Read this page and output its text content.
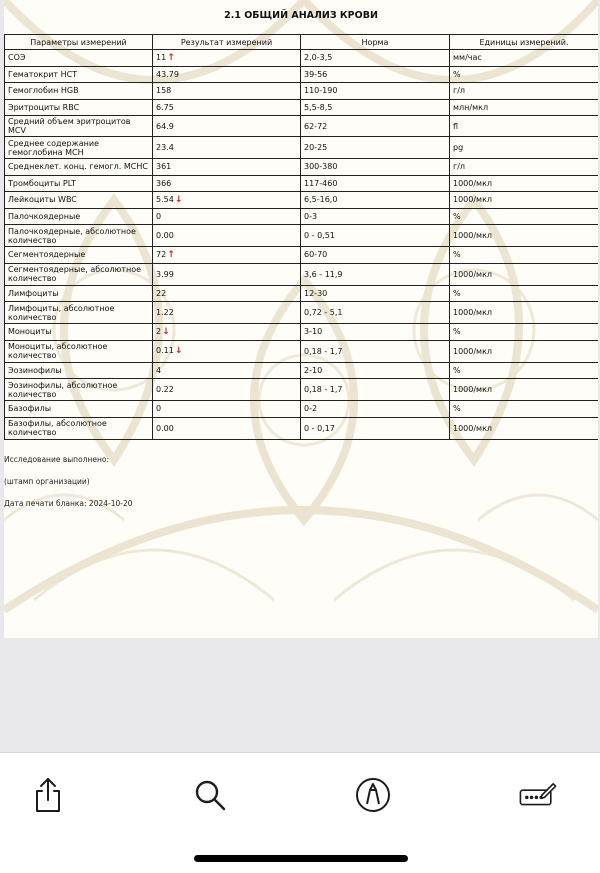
2.1 ОБЩИЙ АНАЛИЗ КРОВИ
Параметры измерений	Результат измерений	Норма	Единицы измерений.
СОЭ	11↑	2,0-3,5	мм/час
Гематокрит HCT	43.79	39-56	%
Гемоглобин HGB	158	110-190	г/л
Эритроциты RBC	6.75	5,5-8,5	млн/мкл
Средний объем эритроцитов MCV	64.9	62-72	fl
Среднее содержание гемоглобина MCH	23.4	20-25	pg
Среднеклет. конц. гемогл. MCHC	361	300-380	г/л
Тромбоциты PLT	366	117-460	1000/мкл
Лейкоциты WBC	5.54↓	6,5-16,0	1000/мкл
Палочкоядерные	0	0-3	%
Палочкоядерные, абсолютное количество	0.00	0 - 0,51	1000/мкл
Сегментоядерные	72↑	60-70	%
Сегментоядерные, абсолютное количество	3.99	3,6 - 11,9	1000/мкл
Лимфоциты	22	12-30	%
Лимфоциты, абсолютное количество	1.22	0,72 - 5,1	1000/мкл
Моноциты	2↓	3-10	%
Моноциты, абсолютное количество	0.11↓	0,18 - 1,7	1000/мкл
Эозинофилы	4	2-10	%
Эозинофилы, абсолютное количество	0.22	0,18 - 1,7	1000/мкл
Базофилы	0	0-2	%
Базофилы, абсолютное количество	0.00	0 - 0,17	1000/мкл
Исследование выполнено:
(штамп организации)
Дата печати бланка: 2024-10-20
